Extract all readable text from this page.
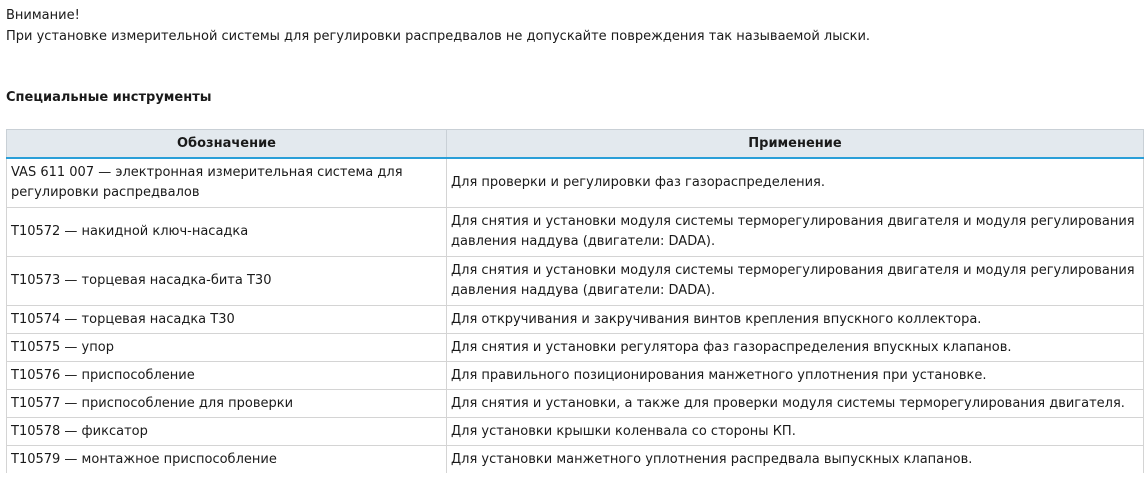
Внимание!
При установке измерительной системы для регулировки распредвалов не допускайте повреждения так называемой лыски.
Специальные инструменты
Обозначение	Применение
VAS 611 007 — электронная измерительная система для регулировки распредвалов	Для проверки и регулировки фаз газораспределения.
T10572 — накидной ключ-насадка	Для снятия и установки модуля системы терморегулирования двигателя и модуля регулирования давления наддува (двигатели: DADA).
T10573 — торцевая насадка-бита T30	Для снятия и установки модуля системы терморегулирования двигателя и модуля регулирования давления наддува (двигатели: DADA).
T10574 — торцевая насадка T30	Для откручивания и закручивания винтов крепления впускного коллектора.
T10575 — упор	Для снятия и установки регулятора фаз газораспределения впускных клапанов.
T10576 — приспособление	Для правильного позиционирования манжетного уплотнения при установке.
T10577 — приспособление для проверки	Для снятия и установки, а также для проверки модуля системы терморегулирования двигателя.
T10578 — фиксатор	Для установки крышки коленвала со стороны КП.
T10579 — монтажное приспособление	Для установки манжетного уплотнения распредвала выпускных клапанов.
